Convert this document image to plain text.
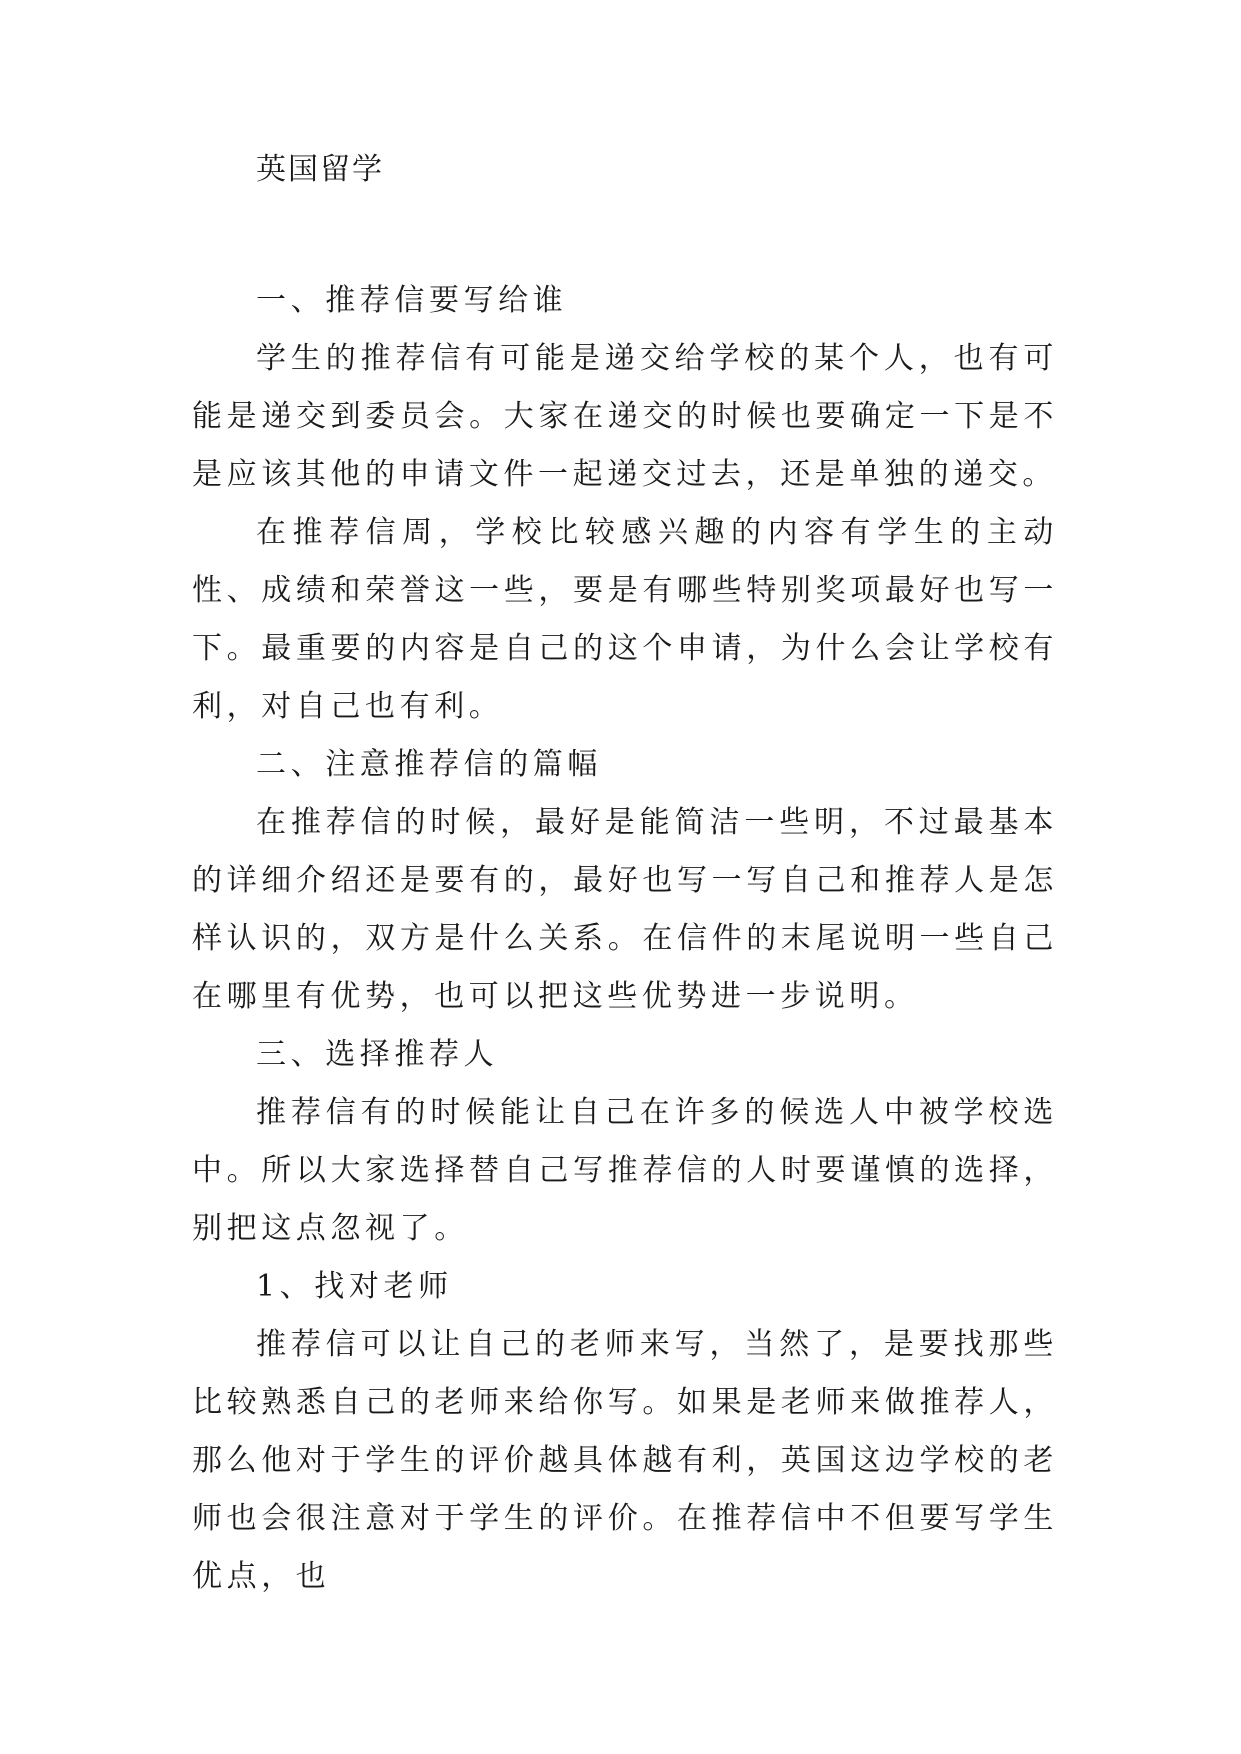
英国留学

一、推荐信要写给谁

学生的推荐信有可能是递交给学校的某个人，也有可能是递交到委员会。大家在递交的时候也要确定一下是不是应该其他的申请文件一起递交过去，还是单独的递交。

在推荐信周，学校比较感兴趣的内容有学生的主动性、成绩和荣誉这一些，要是有哪些特别奖项最好也写一下。最重要的内容是自己的这个申请，为什么会让学校有利，对自己也有利。

二、注意推荐信的篇幅

在推荐信的时候，最好是能简洁一些明，不过最基本的详细介绍还是要有的，最好也写一写自己和推荐人是怎样认识的，双方是什么关系。在信件的末尾说明一些自己在哪里有优势，也可以把这些优势进一步说明。

三、选择推荐人

推荐信有的时候能让自己在许多的候选人中被学校选中。所以大家选择替自己写推荐信的人时要谨慎的选择，别把这点忽视了。

1、找对老师

推荐信可以让自己的老师来写，当然了，是要找那些比较熟悉自己的老师来给你写。如果是老师来做推荐人，那么他对于学生的评价越具体越有利，英国这边学校的老师也会很注意对于学生的评价。在推荐信中不但要写学生优点，也
